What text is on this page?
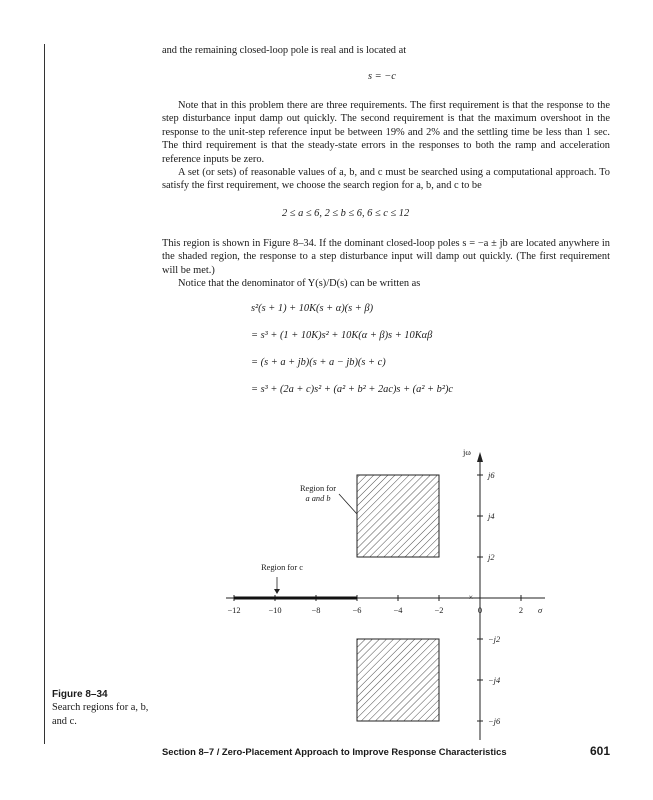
and the remaining closed-loop pole is real and is located at

s = −c

Note that in this problem there are three requirements. The first requirement is that the response to the step disturbance input damp out quickly. The second requirement is that the maximum overshoot in the response to the unit-step reference input be between 19% and 2% and the settling time be less than 1 sec. The third requirement is that the steady-state errors in the responses to both the ramp and acceleration reference inputs be zero.

A set (or sets) of reasonable values of a, b, and c must be searched using a computational approach. To satisfy the first requirement, we choose the search region for a, b, and c to be

2 ≤ a ≤ 6, 2 ≤ b ≤ 6, 6 ≤ c ≤ 12

This region is shown in Figure 8–34. If the dominant closed-loop poles s = −a ± jb are located anywhere in the shaded region, the response to a step disturbance input will damp out quickly. (The first requirement will be met.)

Notice that the denominator of Y(s)/D(s) can be written as

s²(s + 1) + 10K(s + α)(s + β)
= s³ + (1 + 10K)s² + 10K(α + β)s + 10Kαβ
= (s + a + jb)(s + a − jb)(s + c)
= s³ + (2a + c)s² + (a² + b² + 2ac)s + (a² + b²)c
jω
σ
−12	−10	−8	−6	−4	−2	0	2
j6
j4
j2
−j2
−j4
−j6
×
Region for
a and b
Region for c
Figure 8–34
Search regions for a, b, and c.
Section 8–7 / Zero-Placement Approach to Improve Response Characteristics	601
